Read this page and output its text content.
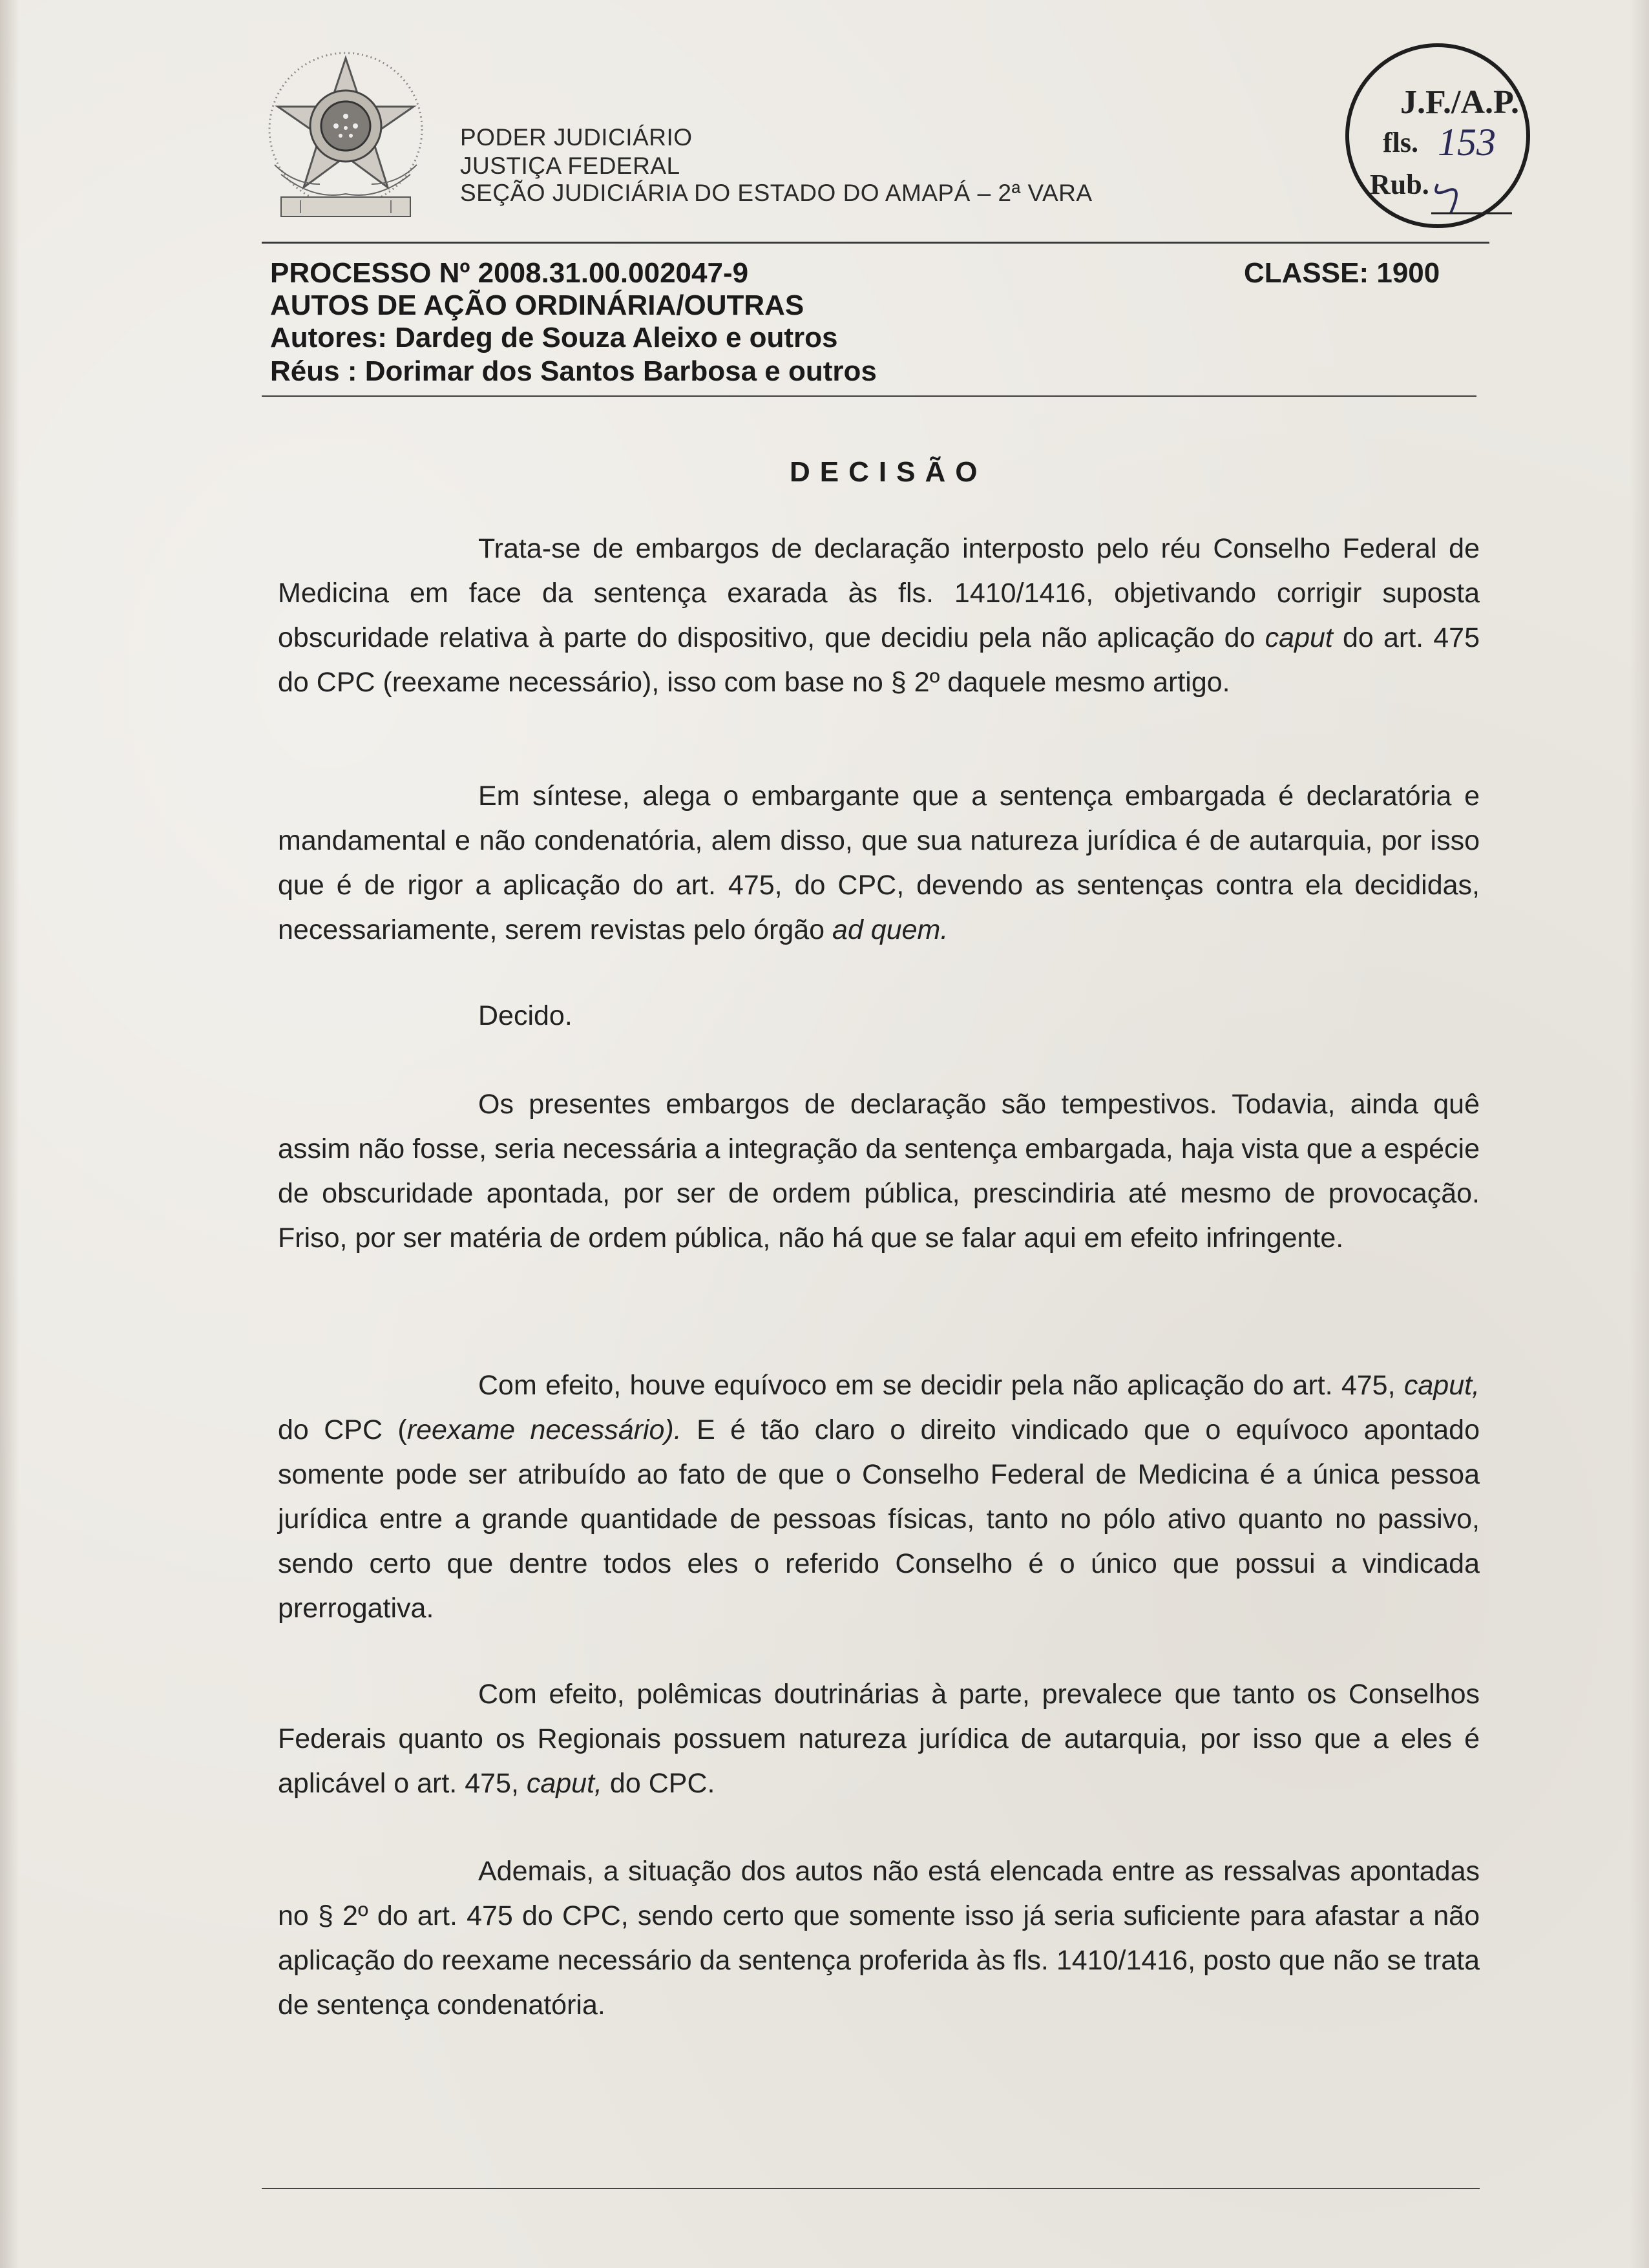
PODER JUDICIÁRIO
JUSTIÇA FEDERAL
SEÇÃO JUDICIÁRIA DO ESTADO DO AMAPÁ – 2ª VARA
J.F./A.P.
fls. 153
Rub.
PROCESSO Nº 2008.31.00.002047-9	CLASSE: 1900
AUTOS DE AÇÃO ORDINÁRIA/OUTRAS
Autores: Dardeg de Souza Aleixo e outros
Réus : Dorimar dos Santos Barbosa e outros
DECISÃO

Trata-se de embargos de declaração interposto pelo réu Conselho Federal de Medicina em face da sentença exarada às fls. 1410/1416, objetivando corrigir suposta obscuridade relativa à parte do dispositivo, que decidiu pela não aplicação do caput do art. 475 do CPC (reexame necessário), isso com base no § 2º daquele mesmo artigo.

Em síntese, alega o embargante que a sentença embargada é declaratória e mandamental e não condenatória, alem disso, que sua natureza jurídica é de autarquia, por isso que é de rigor a aplicação do art. 475, do CPC, devendo as sentenças contra ela decididas, necessariamente, serem revistas pelo órgão ad quem.

Decido.

Os presentes embargos de declaração são tempestivos. Todavia, ainda quê assim não fosse, seria necessária a integração da sentença embargada, haja vista que a espécie de obscuridade apontada, por ser de ordem pública, prescindiria até mesmo de provocação. Friso, por ser matéria de ordem pública, não há que se falar aqui em efeito infringente.

Com efeito, houve equívoco em se decidir pela não aplicação do art. 475, caput, do CPC (reexame necessário). E é tão claro o direito vindicado que o equívoco apontado somente pode ser atribuído ao fato de que o Conselho Federal de Medicina é a única pessoa jurídica entre a grande quantidade de pessoas físicas, tanto no pólo ativo quanto no passivo, sendo certo que dentre todos eles o referido Conselho é o único que possui a vindicada prerrogativa.

Com efeito, polêmicas doutrinárias à parte, prevalece que tanto os Conselhos Federais quanto os Regionais possuem natureza jurídica de autarquia, por isso que a eles é aplicável o art. 475, caput, do CPC.

Ademais, a situação dos autos não está elencada entre as ressalvas apontadas no § 2º do art. 475 do CPC, sendo certo que somente isso já seria suficiente para afastar a não aplicação do reexame necessário da sentença proferida às fls. 1410/1416, posto que não se trata de sentença condenatória.
